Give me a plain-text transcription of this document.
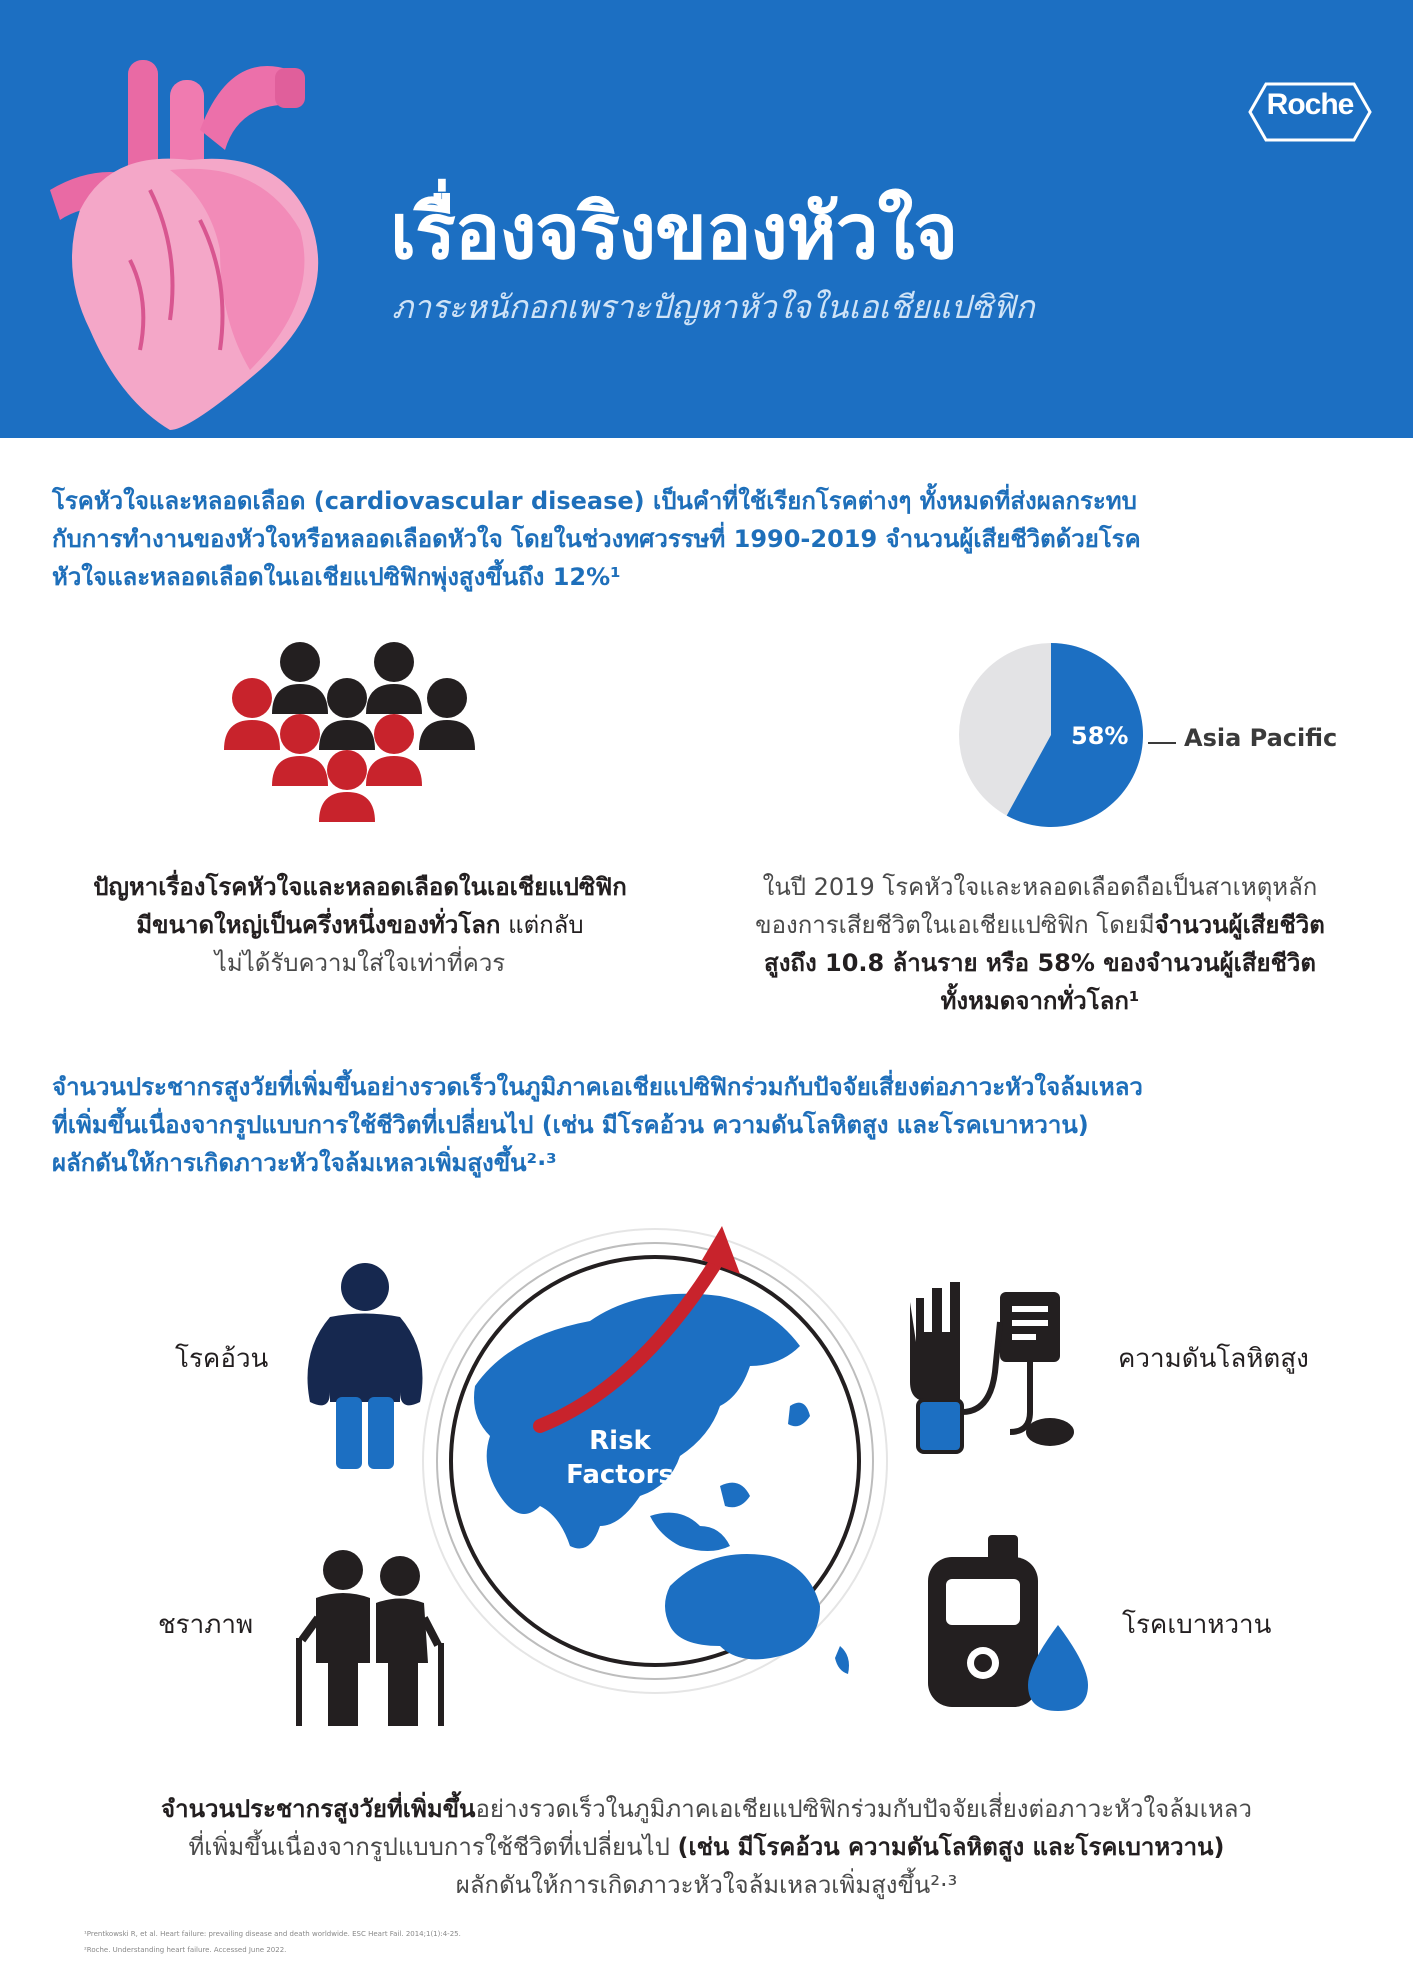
เรื่องจริงของหัวใจ
ภาระหนักอกเพราะปัญหาหัวใจในเอเชียแปซิฟิก
Roche
โรคหัวใจและหลอดเลือด (cardiovascular disease) เป็นคำที่ใช้เรียกโรคต่างๆ ทั้งหมดที่ส่งผลกระทบ
กับการทำงานของหัวใจหรือหลอดเลือดหัวใจ โดยในช่วงทศวรรษที่ 1990-2019 จำนวนผู้เสียชีวิตด้วยโรค
หัวใจและหลอดเลือดในเอเชียแปซิฟิกพุ่งสูงขึ้นถึง 12%¹
58% Asia Pacific
ปัญหาเรื่องโรคหัวใจและหลอดเลือดในเอเชียแปซิฟิก
มีขนาดใหญ่เป็นครึ่งหนึ่งของทั่วโลก แต่กลับ
ไม่ได้รับความใส่ใจเท่าที่ควร
ในปี 2019 โรคหัวใจและหลอดเลือดถือเป็นสาเหตุหลัก
ของการเสียชีวิตในเอเชียแปซิฟิก โดยมีจำนวนผู้เสียชีวิต
สูงถึง 10.8 ล้านราย หรือ 58% ของจำนวนผู้เสียชีวิต
ทั้งหมดจากทั่วโลก¹
จำนวนประชากรสูงวัยที่เพิ่มขึ้นอย่างรวดเร็วในภูมิภาคเอเชียแปซิฟิกร่วมกับปัจจัยเสี่ยงต่อภาวะหัวใจล้มเหลว
ที่เพิ่มขึ้นเนื่องจากรูปแบบการใช้ชีวิตที่เปลี่ยนไป (เช่น มีโรคอ้วน ความดันโลหิตสูง และโรคเบาหวาน)
ผลักดันให้การเกิดภาวะหัวใจล้มเหลวเพิ่มสูงขึ้น²·³
Risk
Factors
โรคอ้วน	ความดันโลหิตสูง
ชราภาพ	โรคเบาหวาน
จำนวนประชากรสูงวัยที่เพิ่มขึ้นอย่างรวดเร็วในภูมิภาคเอเชียแปซิฟิกร่วมกับปัจจัยเสี่ยงต่อภาวะหัวใจล้มเหลว
ที่เพิ่มขึ้นเนื่องจากรูปแบบการใช้ชีวิตที่เปลี่ยนไป (เช่น มีโรคอ้วน ความดันโลหิตสูง และโรคเบาหวาน)
ผลักดันให้การเกิดภาวะหัวใจล้มเหลวเพิ่มสูงขึ้น²·³
¹Prentkowski R, et al. Heart failure: prevailing disease and death worldwide. ESC Heart Fail. 2014;1(1):4-25.
²Roche. Understanding heart failure. Accessed June 2022.
